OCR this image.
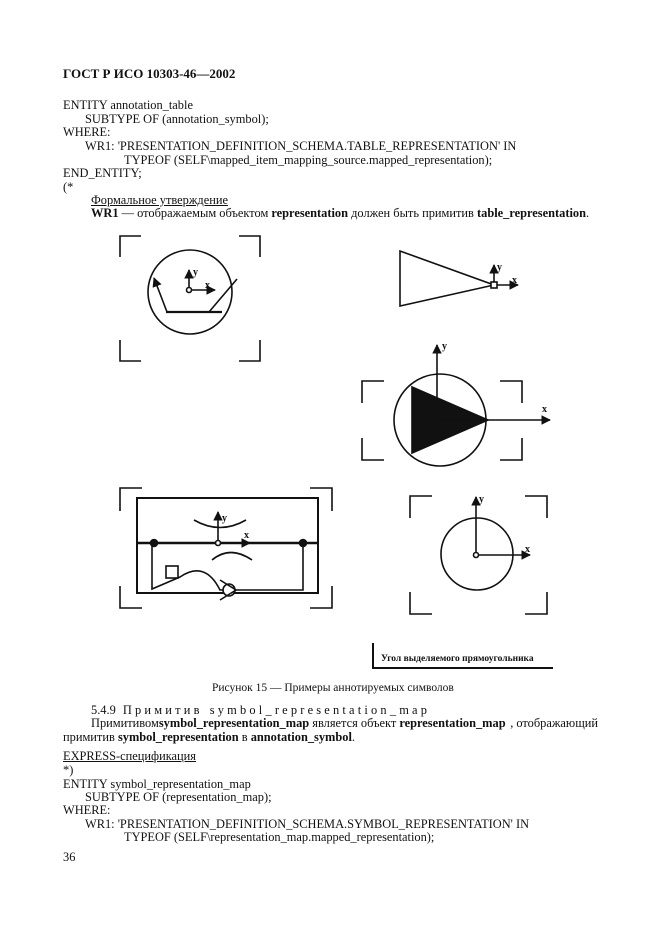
ГОСТ Р ИСО 10303-46—2002
ENTITY annotation_table
SUBTYPE OF (annotation_symbol);
WHERE:
WR1: 'PRESENTATION_DEFINITION_SCHEMA.TABLE_REPRESENTATION' IN
TYPEOF (SELF\mapped_item_mapping_source.mapped_representation);
END_ENTITY;
(*
Формальное утверждение
WR1 — отображаемым объектом representation должен быть примитив table_representation.
y
x
y
x
y
x
y
x
y
x
Угол выделяемого прямоугольника
Рисунок 15 — Примеры аннотируемых символов
5.4.9 Примитив symbol_representation_map
Примитивом symbol_representation_map является объект representation_map , отображающий
примитив symbol_representation в annotation_symbol.
EXPRESS-спецификация
*)
ENTITY symbol_representation_map
SUBTYPE OF (representation_map);
WHERE:
WR1: 'PRESENTATION_DEFINITION_SCHEMA.SYMBOL_REPRESENTATION' IN
TYPEOF (SELF\representation_map.mapped_representation);
36
